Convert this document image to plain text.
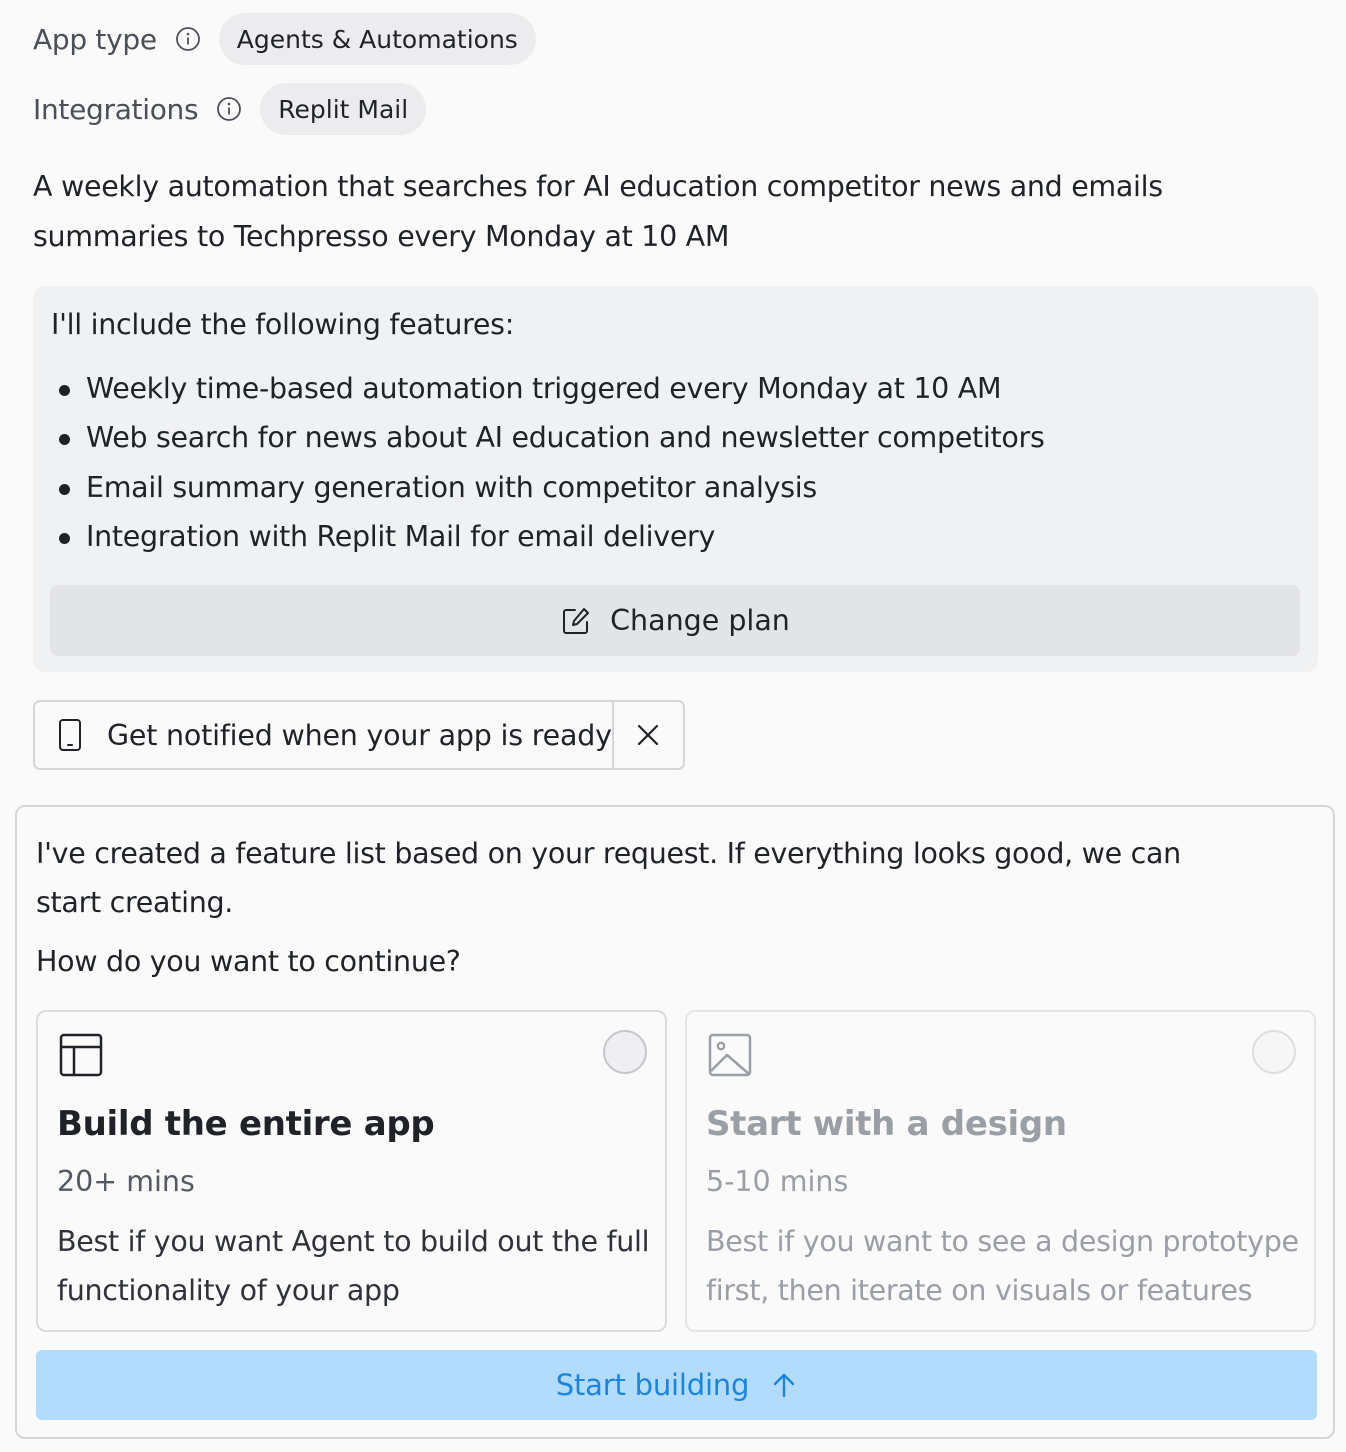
App type	Agents & Automations
Integrations	Replit Mail

A weekly automation that searches for AI education competitor news and emails summaries to Techpresso every Monday at 10 AM

I'll include the following features:
Weekly time-based automation triggered every Monday at 10 AM
Web search for news about AI education and newsletter competitors
Email summary generation with competitor analysis
Integration with Replit Mail for email delivery
Change plan
Get notified when your app is ready

I've created a feature list based on your request. If everything looks good, we can start creating.

How do you want to continue?

Build the entire app
20+ mins

Best if you want Agent to build out the full functionality of your app

Start with a design
5-10 mins

Best if you want to see a design prototype first, then iterate on visuals or features

Start building
